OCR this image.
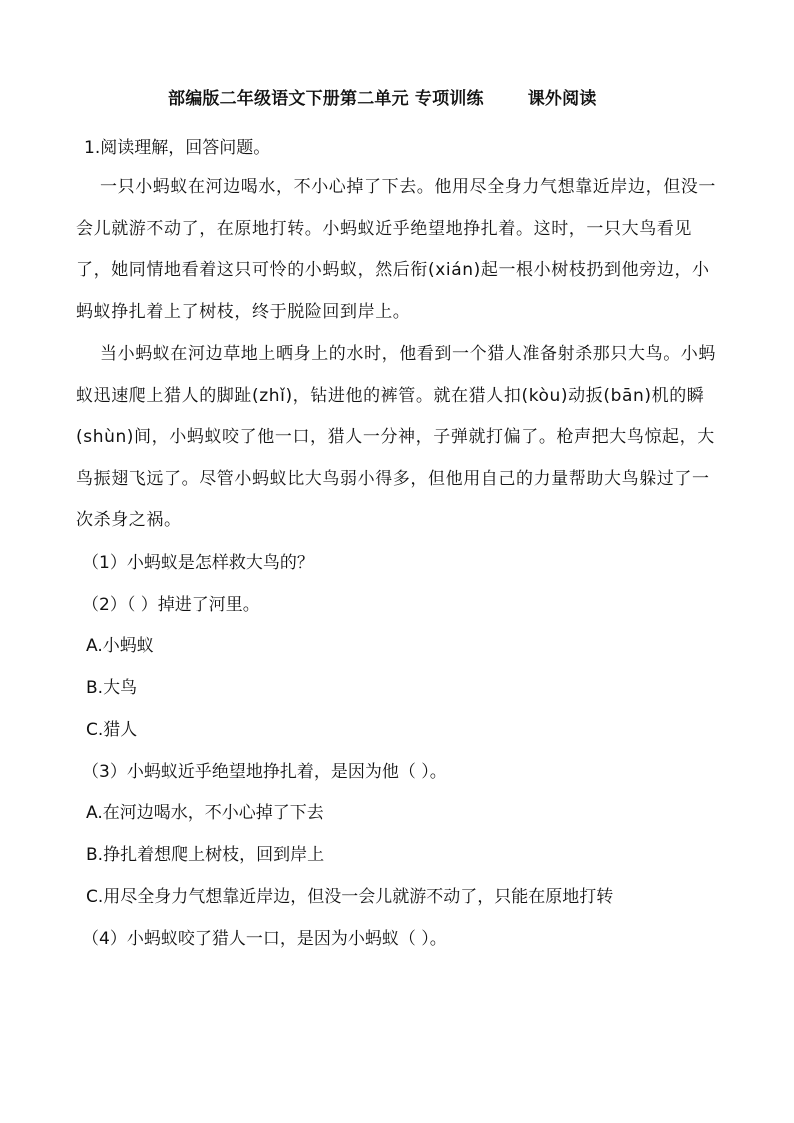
部编版二年级语文下册第二单元 专项训练	课外阅读
1.阅读理解，回答问题。
一只小蚂蚁在河边喝水，不小心掉了下去。他用尽全身力气想靠近岸边，但没一会儿就游不动了，在原地打转。小蚂蚁近乎绝望地挣扎着。这时，一只大鸟看见了，她同情地看着这只可怜的小蚂蚁，然后衔(xián)起一根小树枝扔到他旁边，小蚂蚁挣扎着上了树枝，终于脱险回到岸上。
当小蚂蚁在河边草地上晒身上的水时，他看到一个猎人准备射杀那只大鸟。小蚂蚁迅速爬上猎人的脚趾(zhǐ)，钻进他的裤管。就在猎人扣(kòu)动扳(bān)机的瞬(shùn)间，小蚂蚁咬了他一口，猎人一分神，子弹就打偏了。枪声把大鸟惊起，大鸟振翅飞远了。尽管小蚂蚁比大鸟弱小得多，但他用自己的力量帮助大鸟躲过了一次杀身之祸。
（1）小蚂蚁是怎样救大鸟的？
（2）（ ）掉进了河里。
A.小蚂蚁
B.大鸟
C.猎人
（3）小蚂蚁近乎绝望地挣扎着，是因为他（ ）。
A.在河边喝水，不小心掉了下去
B.挣扎着想爬上树枝，回到岸上
C.用尽全身力气想靠近岸边，但没一会儿就游不动了，只能在原地打转
（4）小蚂蚁咬了猎人一口，是因为小蚂蚁（ ）。
